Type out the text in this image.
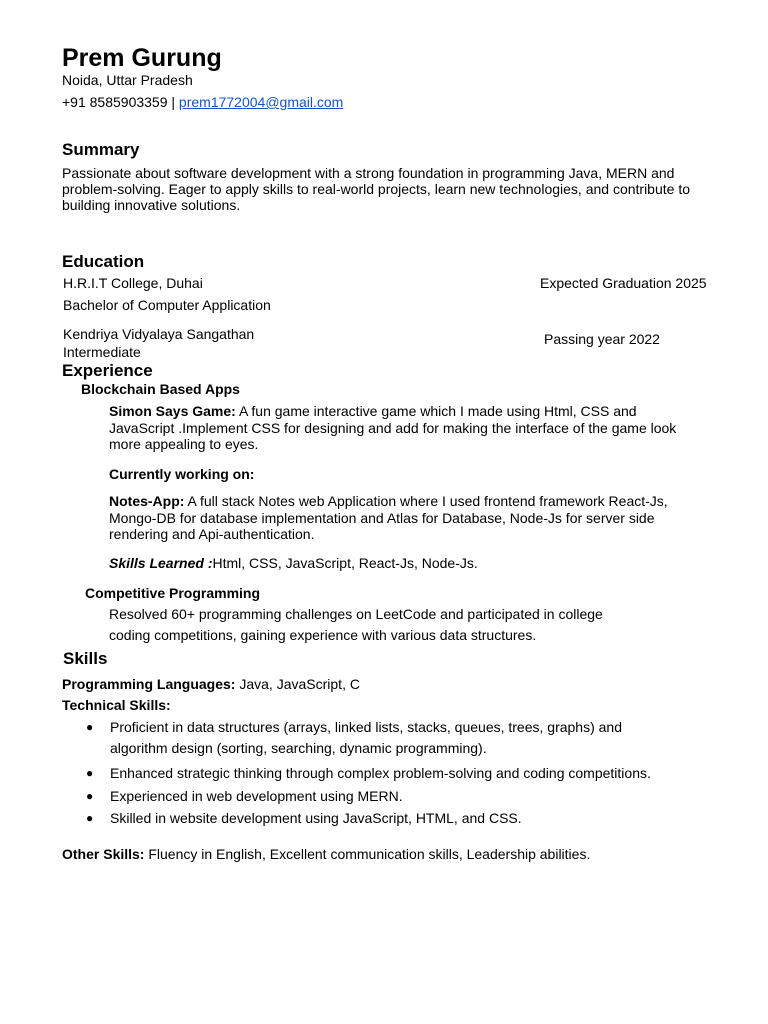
Prem Gurung
Noida, Uttar Pradesh
+91 8585903359 | prem1772004@gmail.com
Summary
Passionate about software development with a strong foundation in programming Java, MERN and
problem-solving. Eager to apply skills to real-world projects, learn new technologies, and contribute to
building innovative solutions.
Education
H.R.I.T College, Duhai	Expected Graduation 2025
Bachelor of Computer Application
Kendriya Vidyalaya Sangathan	Passing year 2022
Intermediate
Experience
Blockchain Based Apps
Simon Says Game: A fun game interactive game which I made using Html, CSS and
JavaScript .Implement CSS for designing and add for making the interface of the game look
more appealing to eyes.
Currently working on:
Notes-App: A full stack Notes web Application where I used frontend framework React-Js,
Mongo-DB for database implementation and Atlas for Database, Node-Js for server side
rendering and Api-authentication.
Skills Learned :Html, CSS, JavaScript, React-Js, Node-Js.
Competitive Programming
Resolved 60+ programming challenges on LeetCode and participated in college
coding competitions, gaining experience with various data structures.
Skills
Programming Languages: Java, JavaScript, C
Technical Skills:
● Proficient in data structures (arrays, linked lists, stacks, queues, trees, graphs) and
algorithm design (sorting, searching, dynamic programming).
● Enhanced strategic thinking through complex problem-solving and coding competitions.
● Experienced in web development using MERN.
● Skilled in website development using JavaScript, HTML, and CSS.
Other Skills: Fluency in English, Excellent communication skills, Leadership abilities.
